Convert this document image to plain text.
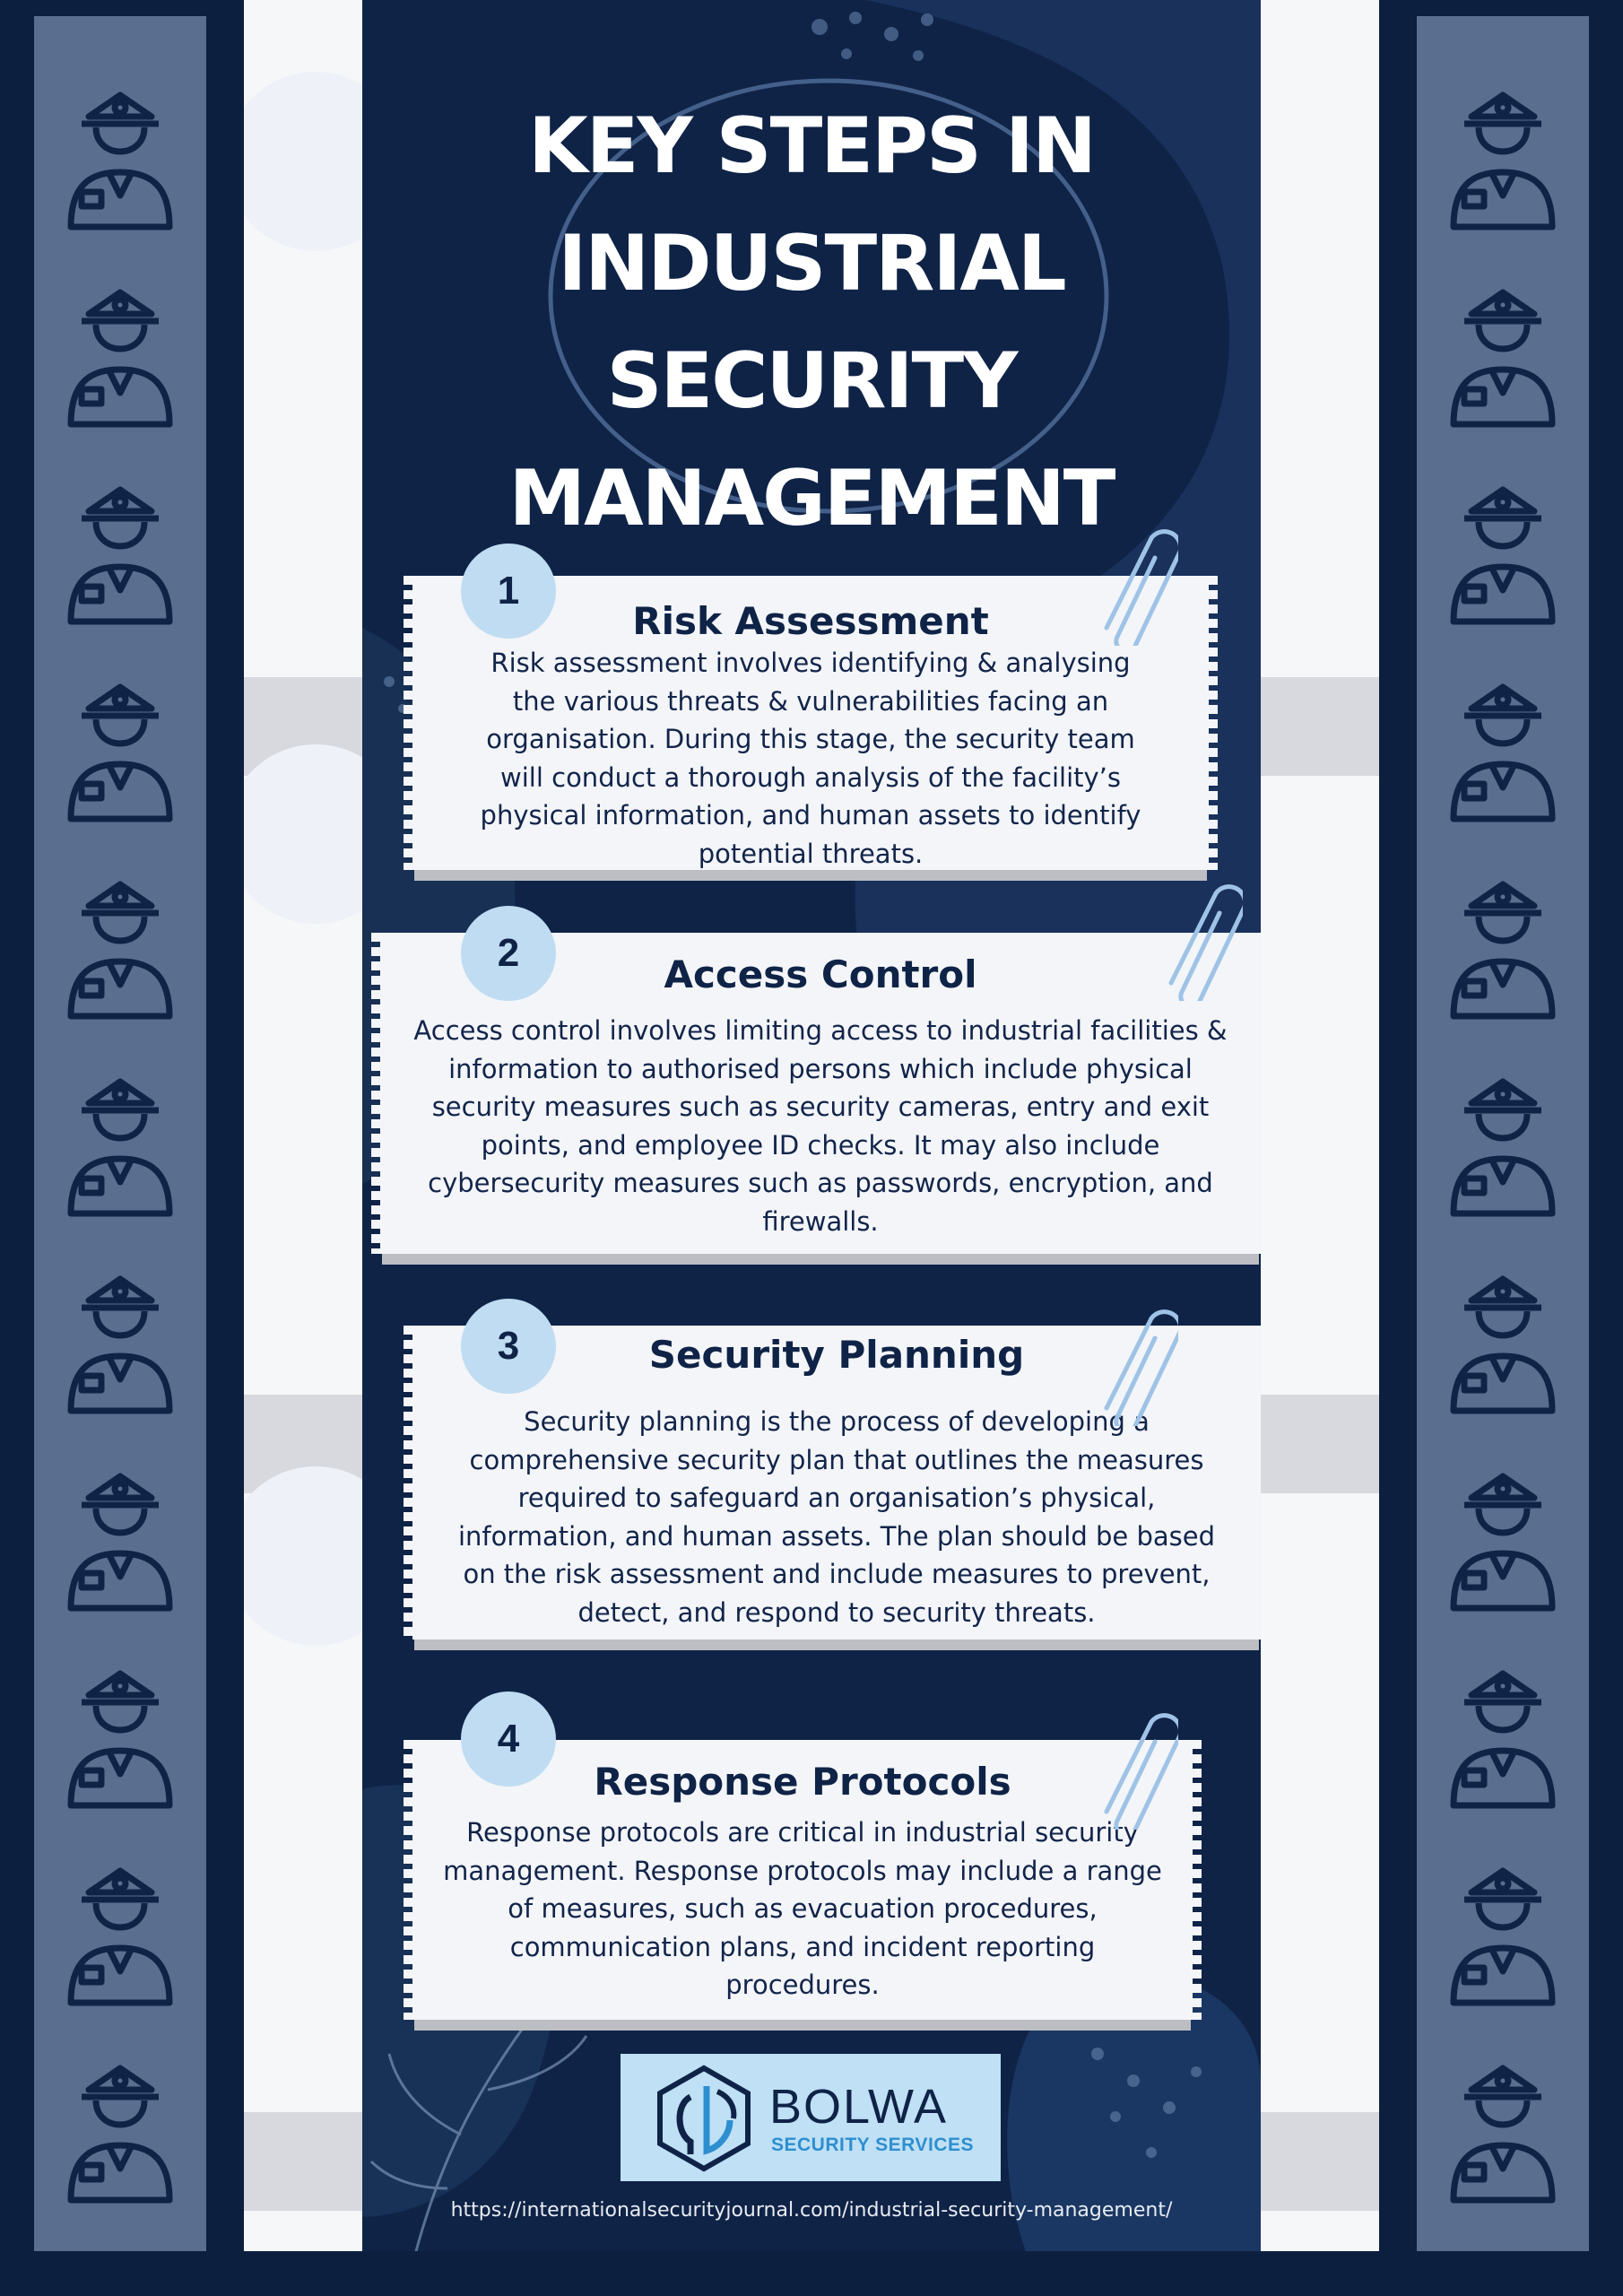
KEY STEPS IN
INDUSTRIAL
SECURITY
MANAGEMENT
Risk Assessment
Risk assessment involves identifying & analysing the various threats & vulnerabilities facing an organisation. During this stage, the security team will conduct a thorough analysis of the facility’s physical information, and human assets to identify potential threats.
1
Access Control
Access control involves limiting access to industrial facilities & information to authorised persons which include physical security measures such as security cameras, entry and exit points, and employee ID checks. It may also include cybersecurity measures such as passwords, encryption, and firewalls.
2
Security Planning
Security planning is the process of developing a comprehensive security plan that outlines the measures required to safeguard an organisation’s physical, information, and human assets. The plan should be based on the risk assessment and include measures to prevent, detect, and respond to security threats.
3
Response Protocols
Response protocols are critical in industrial security management. Response protocols may include a range of measures, such as evacuation procedures, communication plans, and incident reporting procedures.
4
BOLWA
SECURITY SERVICES
https://internationalsecurityjournal.com/industrial-security-management/
